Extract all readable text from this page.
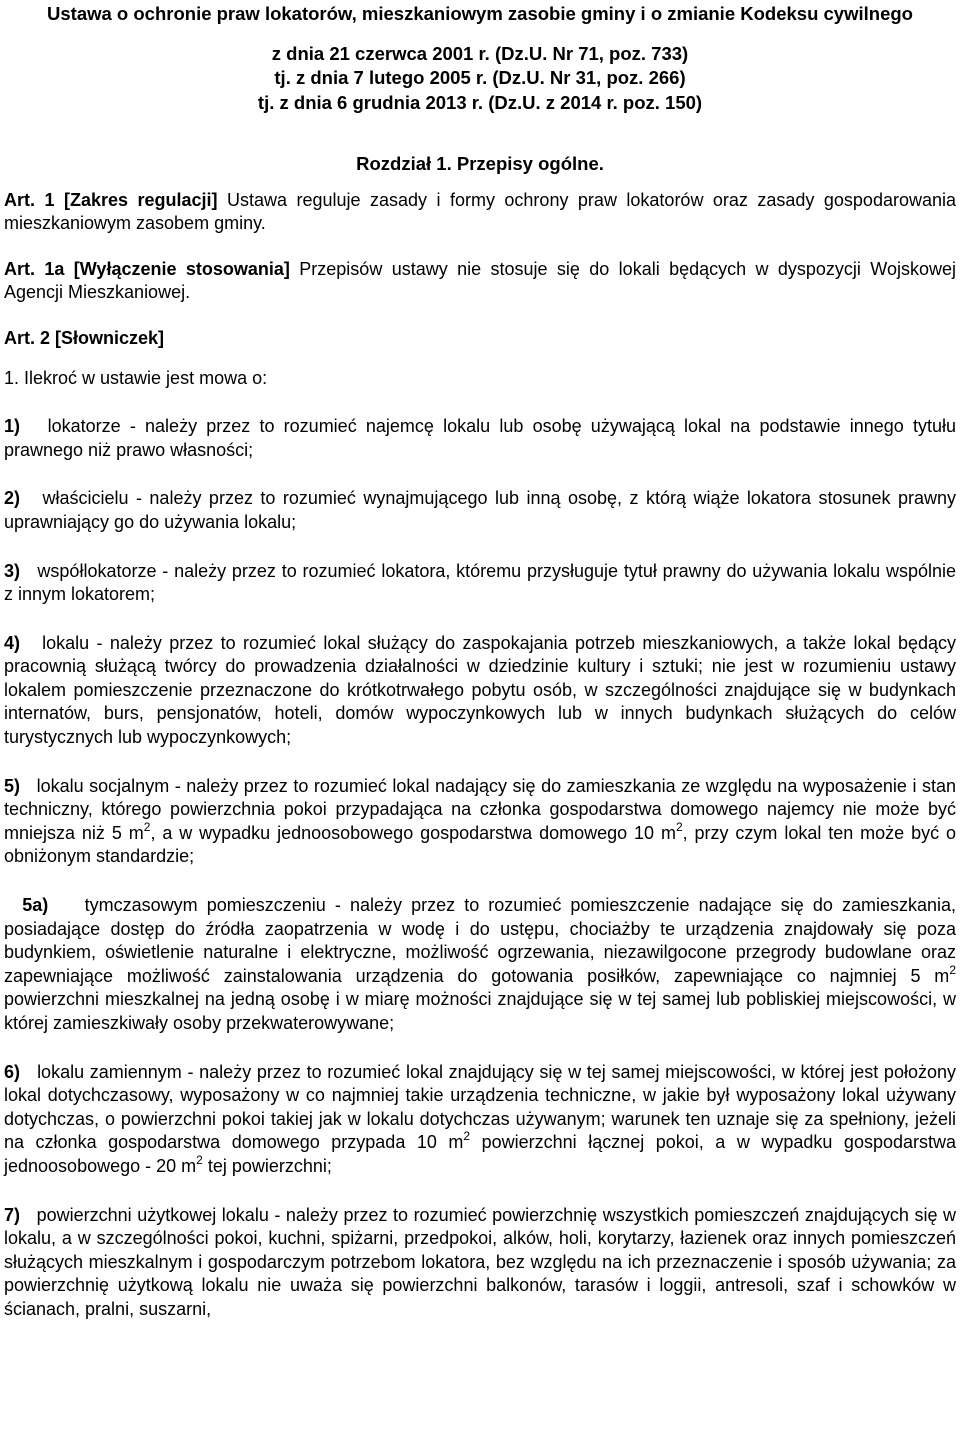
Ustawa o ochronie praw lokatorów, mieszkaniowym zasobie gminy i o zmianie Kodeksu cywilnego
z dnia 21 czerwca 2001 r. (Dz.U. Nr 71, poz. 733)
tj. z dnia 7 lutego 2005 r. (Dz.U. Nr 31, poz. 266)
tj. z dnia 6 grudnia 2013 r. (Dz.U. z 2014 r. poz. 150)
Rozdział 1. Przepisy ogólne.

Art. 1 [Zakres regulacji] Ustawa reguluje zasady i formy ochrony praw lokatorów oraz zasady gospodarowania mieszkaniowym zasobem gminy.

Art. 1a [Wyłączenie stosowania] Przepisów ustawy nie stosuje się do lokali będących w dyspozycji Wojskowej Agencji Mieszkaniowej.

Art. 2 [Słowniczek]

1. Ilekroć w ustawie jest mowa o:

1) lokatorze - należy przez to rozumieć najemcę lokalu lub osobę używającą lokal na podstawie innego tytułu prawnego niż prawo własności;

2) właścicielu - należy przez to rozumieć wynajmującego lub inną osobę, z którą wiąże lokatora stosunek prawny uprawniający go do używania lokalu;

3) współlokatorze - należy przez to rozumieć lokatora, któremu przysługuje tytuł prawny do używania lokalu wspólnie z innym lokatorem;

4) lokalu - należy przez to rozumieć lokal służący do zaspokajania potrzeb mieszkaniowych, a także lokal będący pracownią służącą twórcy do prowadzenia działalności w dziedzinie kultury i sztuki; nie jest w rozumieniu ustawy lokalem pomieszczenie przeznaczone do krótkotrwałego pobytu osób, w szczególności znajdujące się w budynkach internatów, burs, pensjonatów, hoteli, domów wypoczynkowych lub w innych budynkach służących do celów turystycznych lub wypoczynkowych;

5) lokalu socjalnym - należy przez to rozumieć lokal nadający się do zamieszkania ze względu na wyposażenie i stan techniczny, którego powierzchnia pokoi przypadająca na członka gospodarstwa domowego najemcy nie może być mniejsza niż 5 $m^2$, a w wypadku jednoosobowego gospodarstwa domowego 10 $m^2$, przy czym lokal ten może być o obniżonym standardzie;

5a) tymczasowym pomieszczeniu - należy przez to rozumieć pomieszczenie nadające się do zamieszkania, posiadające dostęp do źródła zaopatrzenia w wodę i do ustępu, chociażby te urządzenia znajdowały się poza budynkiem, oświetlenie naturalne i elektryczne, możliwość ogrzewania, niezawilgocone przegrody budowlane oraz zapewniające możliwość zainstalowania urządzenia do gotowania posiłków, zapewniające co najmniej 5 $m^2$ powierzchni mieszkalnej na jedną osobę i w miarę możności znajdujące się w tej samej lub pobliskiej miejscowości, w której zamieszkiwały osoby przekwaterowywane;

6) lokalu zamiennym - należy przez to rozumieć lokal znajdujący się w tej samej miejscowości, w której jest położony lokal dotychczasowy, wyposażony w co najmniej takie urządzenia techniczne, w jakie był wyposażony lokal używany dotychczas, o powierzchni pokoi takiej jak w lokalu dotychczas używanym; warunek ten uznaje się za spełniony, jeżeli na członka gospodarstwa domowego przypada 10 $m^2$ powierzchni łącznej pokoi, a w wypadku gospodarstwa jednoosobowego - 20 $m^2$ tej powierzchni;

7) powierzchni użytkowej lokalu - należy przez to rozumieć powierzchnię wszystkich pomieszczeń znajdujących się w lokalu, a w szczególności pokoi, kuchni, spiżarni, przedpokoi, alków, holi, korytarzy, łazienek oraz innych pomieszczeń służących mieszkalnym i gospodarczym potrzebom lokatora, bez względu na ich przeznaczenie i sposób używania; za powierzchnię użytkową lokalu nie uważa się powierzchni balkonów, tarasów i loggii, antresoli, szaf i schowków w ścianach, pralni, suszarni,
